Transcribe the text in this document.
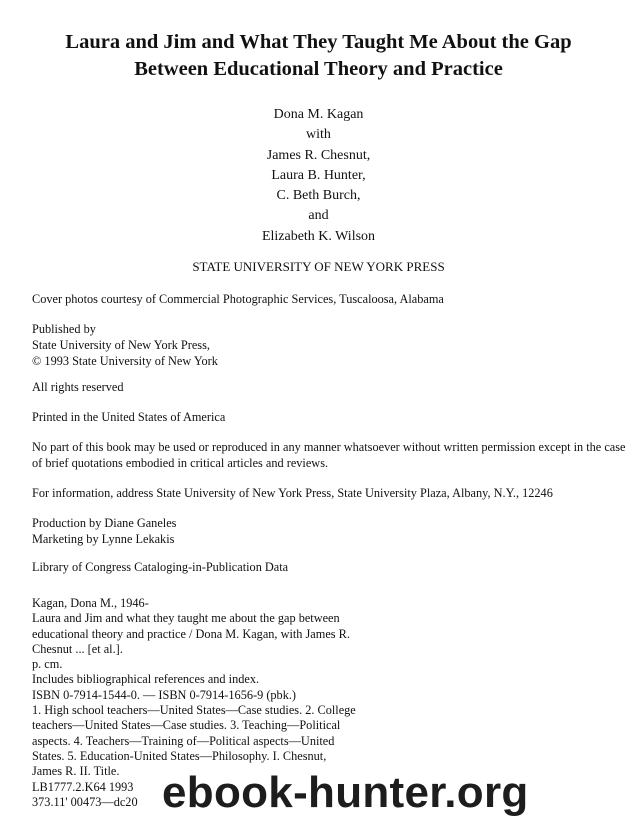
Laura and Jim and What They Taught Me About the Gap
Between Educational Theory and Practice
Dona M. Kagan
with
James R. Chesnut,
Laura B. Hunter,
C. Beth Burch,
and
Elizabeth K. Wilson
STATE UNIVERSITY OF NEW YORK PRESS

Cover photos courtesy of Commercial Photographic Services, Tuscaloosa, Alabama

Published by
State University of New York Press,
© 1993 State University of New York

All rights reserved

Printed in the United States of America

No part of this book may be used or reproduced in any manner whatsoever without written permission except in the case
of brief quotations embodied in critical articles and reviews.

For information, address State University of New York Press, State University Plaza, Albany, N.Y., 12246

Production by Diane Ganeles
Marketing by Lynne Lekakis

Library of Congress Cataloging-in-Publication Data

Kagan, Dona M., 1946-
Laura and Jim and what they taught me about the gap between
educational theory and practice / Dona M. Kagan, with James R.
Chesnut ... [et al.].
p. cm.
Includes bibliographical references and index.
ISBN 0-7914-1544-0. — ISBN 0-7914-1656-9 (pbk.)
1. High school teachers—United States—Case studies. 2. College
teachers—United States—Case studies. 3. Teaching—Political
aspects. 4. Teachers—Training of—Political aspects—United
States. 5. Education-United States—Philosophy. I. Chesnut,
James R. II. Title.
LB1777.2.K64 1993
373.11' 00473—dc20 ebook-hunter.org
